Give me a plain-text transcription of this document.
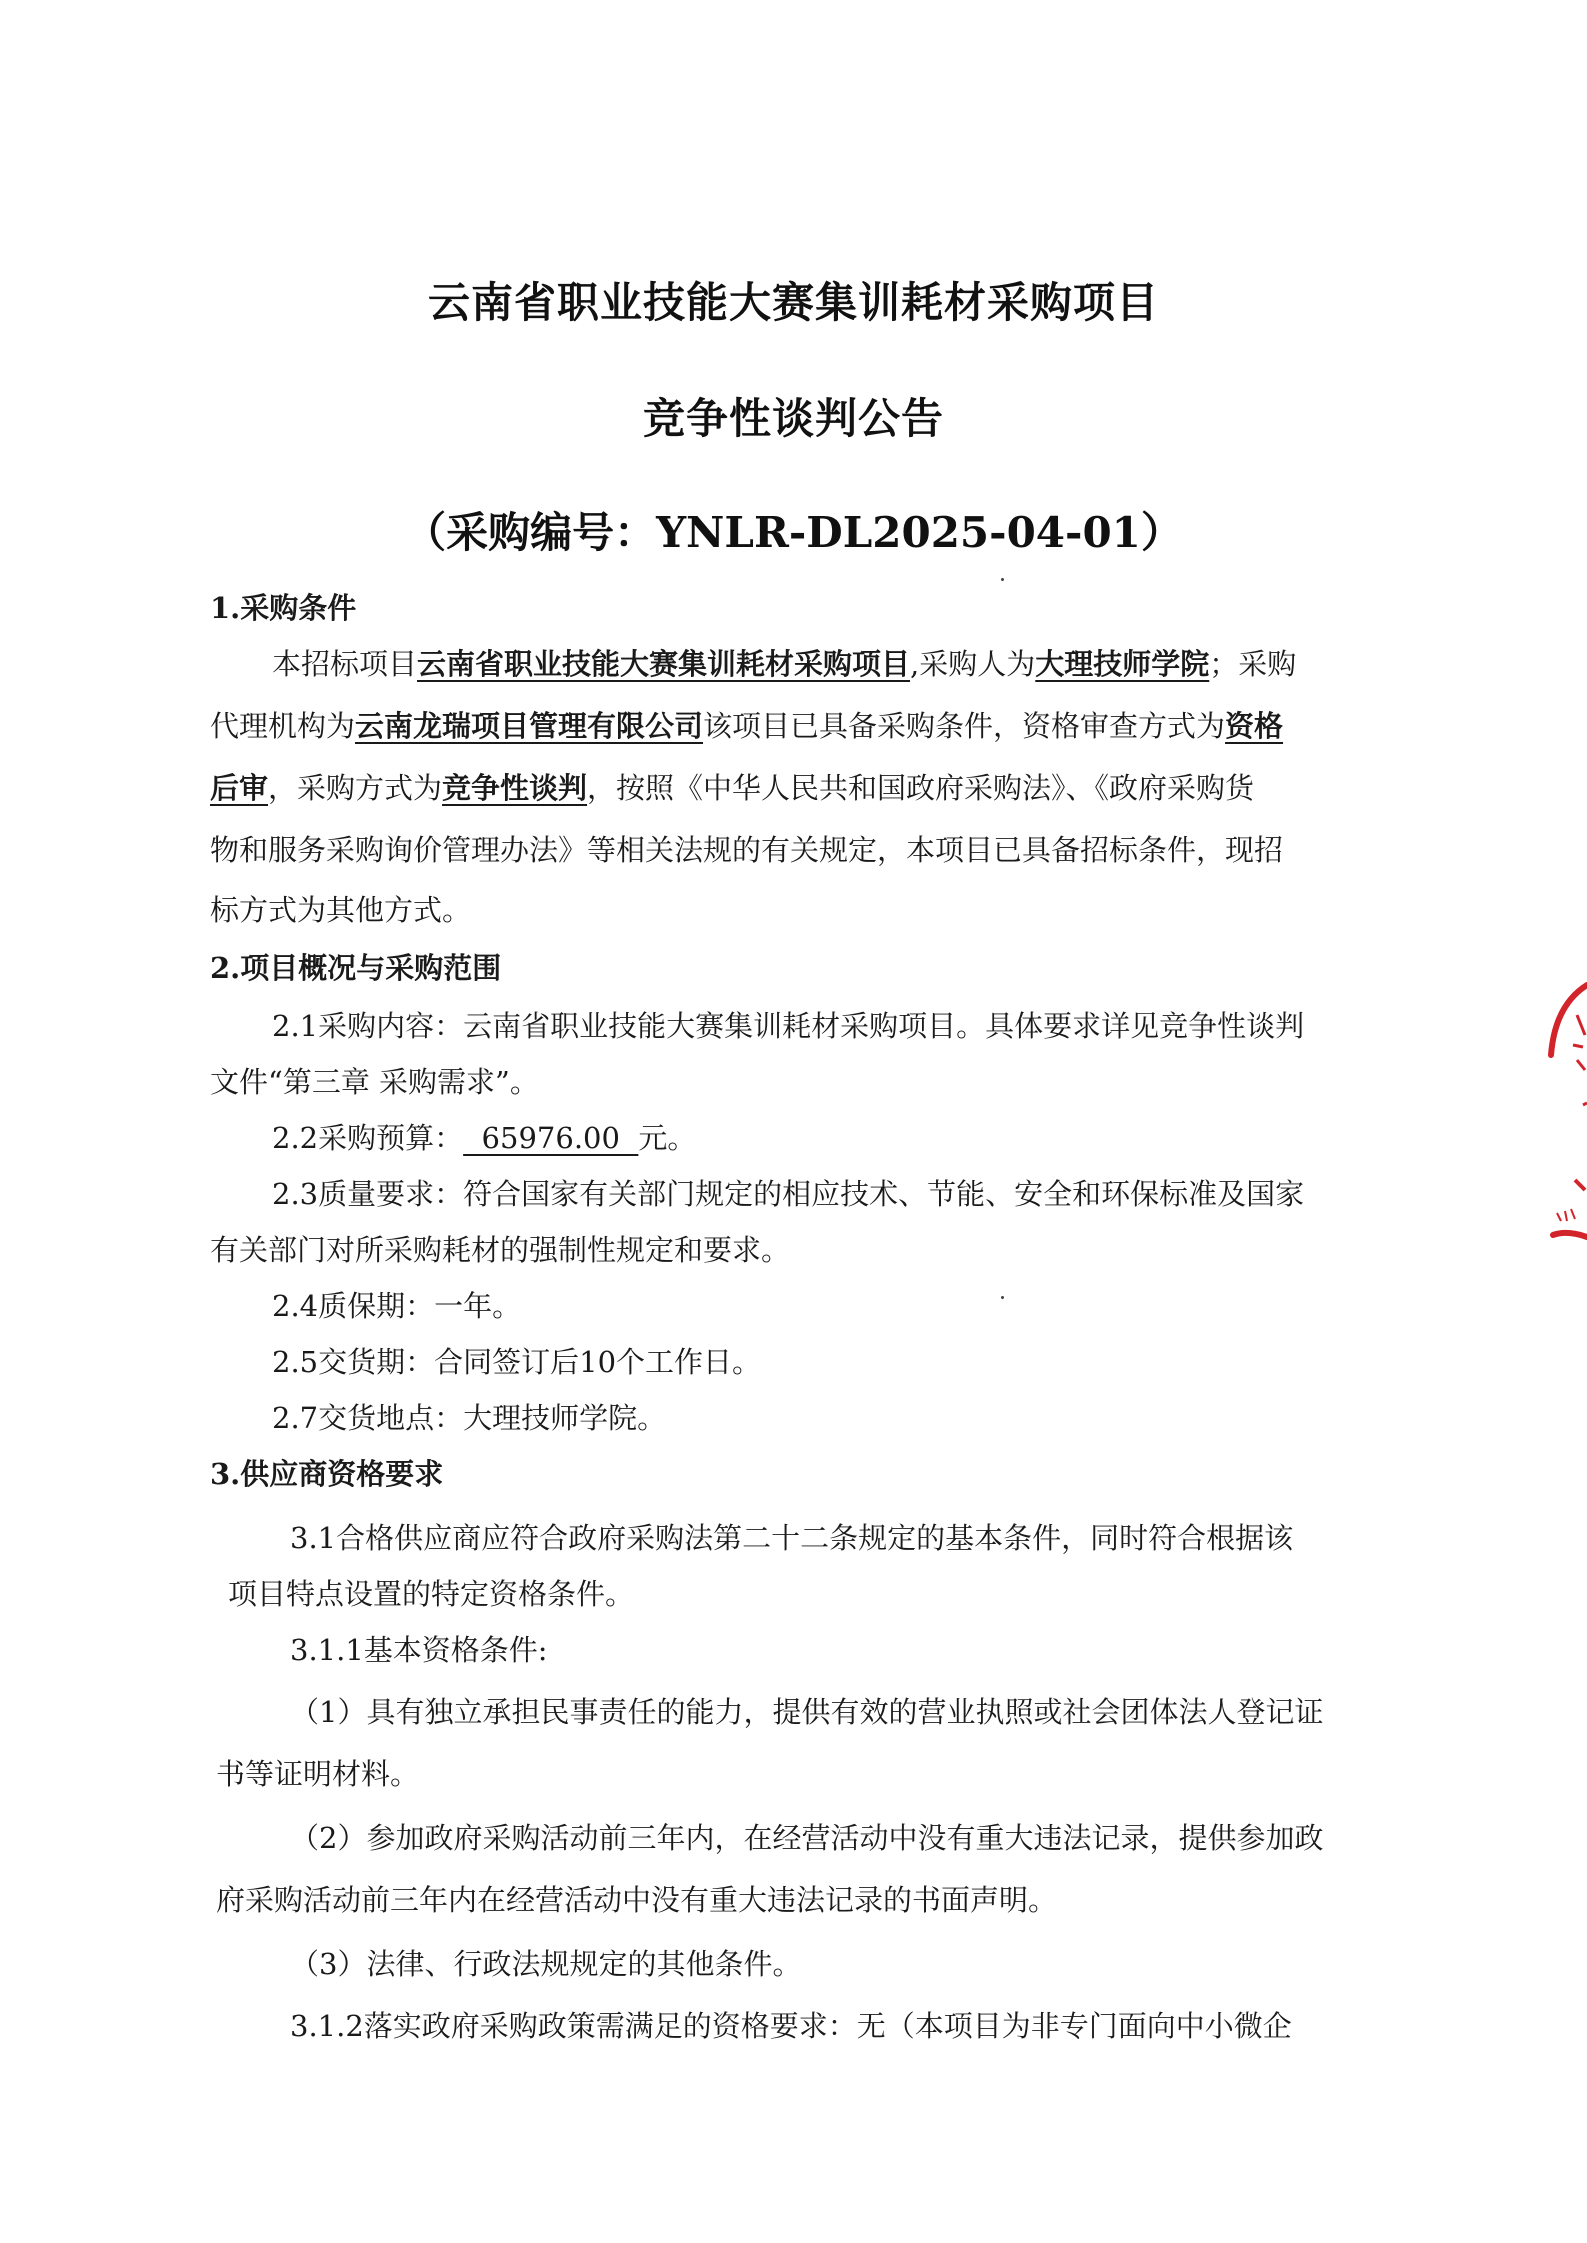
云南省职业技能大赛集训耗材采购项目
竞争性谈判公告
（采购编号：YNLR-DL2025-04-01）
1.采购条件
本招标项目云南省职业技能大赛集训耗材采购项目,采购人为大理技师学院；采购
代理机构为云南龙瑞项目管理有限公司该项目已具备采购条件，资格审查方式为资格
后审，采购方式为竞争性谈判，按照《中华人民共和国政府采购法》、《政府采购货
物和服务采购询价管理办法》等相关法规的有关规定，本项目已具备招标条件，现招
标方式为其他方式。
2.项目概况与采购范围
2.1采购内容：云南省职业技能大赛集训耗材采购项目。具体要求详见竞争性谈判
文件“第三章 采购需求”。
2.2采购预算：  65976.00  元。
2.3质量要求：符合国家有关部门规定的相应技术、节能、安全和环保标准及国家
有关部门对所采购耗材的强制性规定和要求。
2.4质保期：一年。
2.5交货期：合同签订后10个工作日。
2.7交货地点：大理技师学院。
3.供应商资格要求
3.1合格供应商应符合政府采购法第二十二条规定的基本条件，同时符合根据该
项目特点设置的特定资格条件。
3.1.1基本资格条件:
（1）具有独立承担民事责任的能力，提供有效的营业执照或社会团体法人登记证
书等证明材料。
（2）参加政府采购活动前三年内，在经营活动中没有重大违法记录，提供参加政
府采购活动前三年内在经营活动中没有重大违法记录的书面声明。
（3）法律、行政法规规定的其他条件。
3.1.2落实政府采购政策需满足的资格要求：无（本项目为非专门面向中小微企
